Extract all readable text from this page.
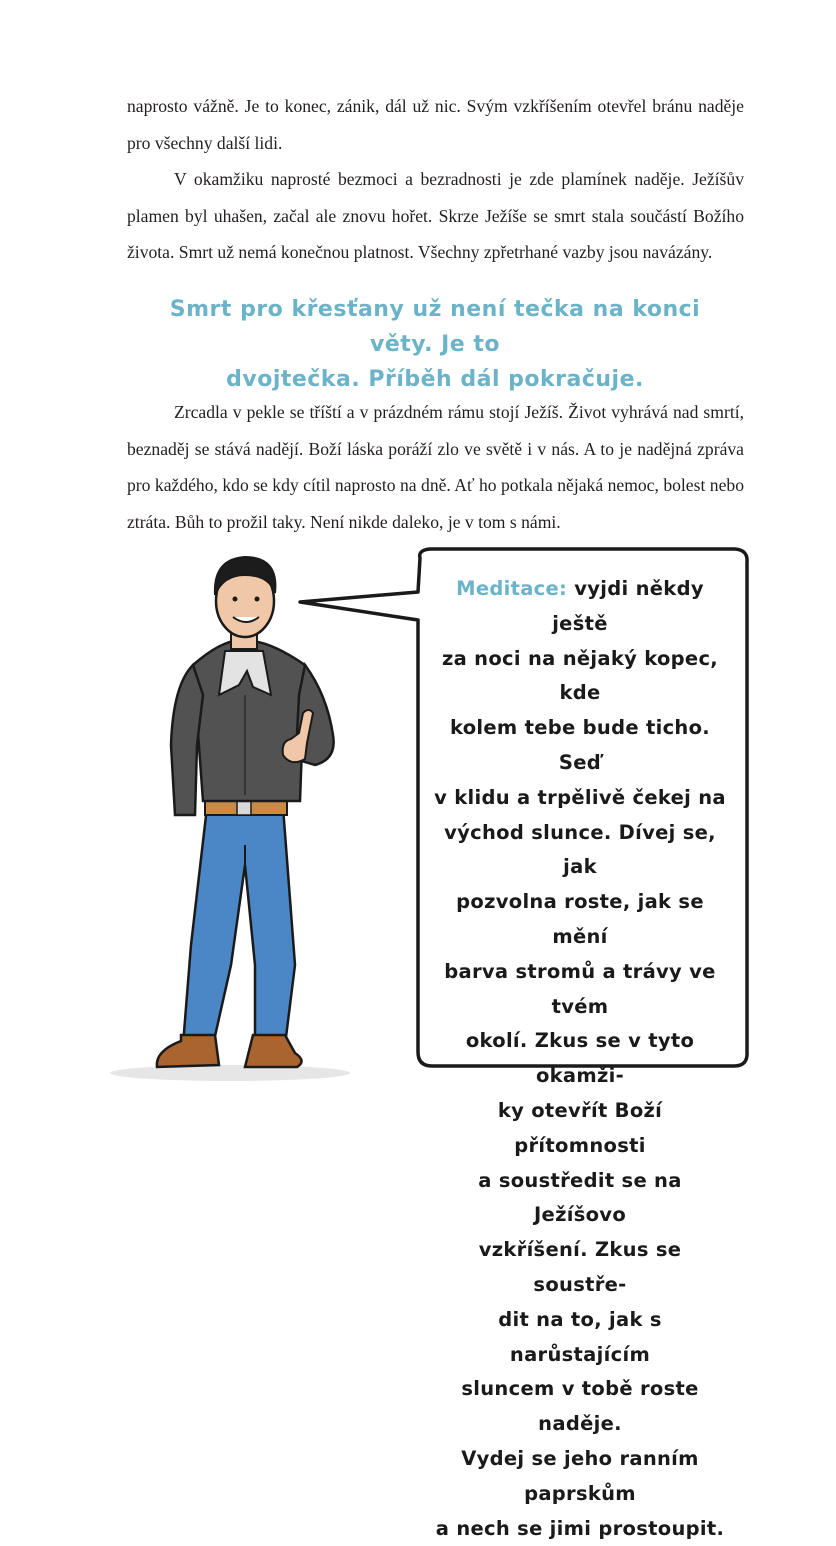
naprosto vážně. Je to konec, zánik, dál už nic. Svým vzkříšením otevřel bránu naděje pro všechny další lidi.

V okamžiku naprosté bezmoci a bezradnosti je zde plamínek naděje. Ježíšův plamen byl uhašen, začal ale znovu hořet. Skrze Ježíše se smrt stala součástí Božího života. Smrt už nemá konečnou platnost. Všechny zpřetrhané vazby jsou navázány.

Smrt pro křesťany už není tečka na konci věty. Je to
dvojtečka. Příběh dál pokračuje.

Zrcadla v pekle se tříští a v prázdném rámu stojí Ježíš. Život vyhrává nad smrtí, beznaděj se stává nadějí. Boží láska poráží zlo ve světě i v nás. A to je nadějná zpráva pro každého, kdo se kdy cítil naprosto na dně. Ať ho potkala nějaká nemoc, bolest nebo ztráta. Bůh to prožil taky. Není nikde daleko, je v tom s námi.

Meditace: vyjdi někdy ještě
za noci na nějaký kopec, kde
kolem tebe bude ticho. Seď
v klidu a trpělivě čekej na
východ slunce. Dívej se, jak
pozvolna roste, jak se mění
barva stromů a trávy ve tvém
okolí. Zkus se v tyto okamži-
ky otevřít Boží přítomnosti
a soustředit se na Ježíšovo
vzkříšení. Zkus se soustře-
dit na to, jak s narůstajícím
sluncem v tobě roste naděje.
Vydej se jeho ranním paprskům
a nech se jimi prostoupit.
